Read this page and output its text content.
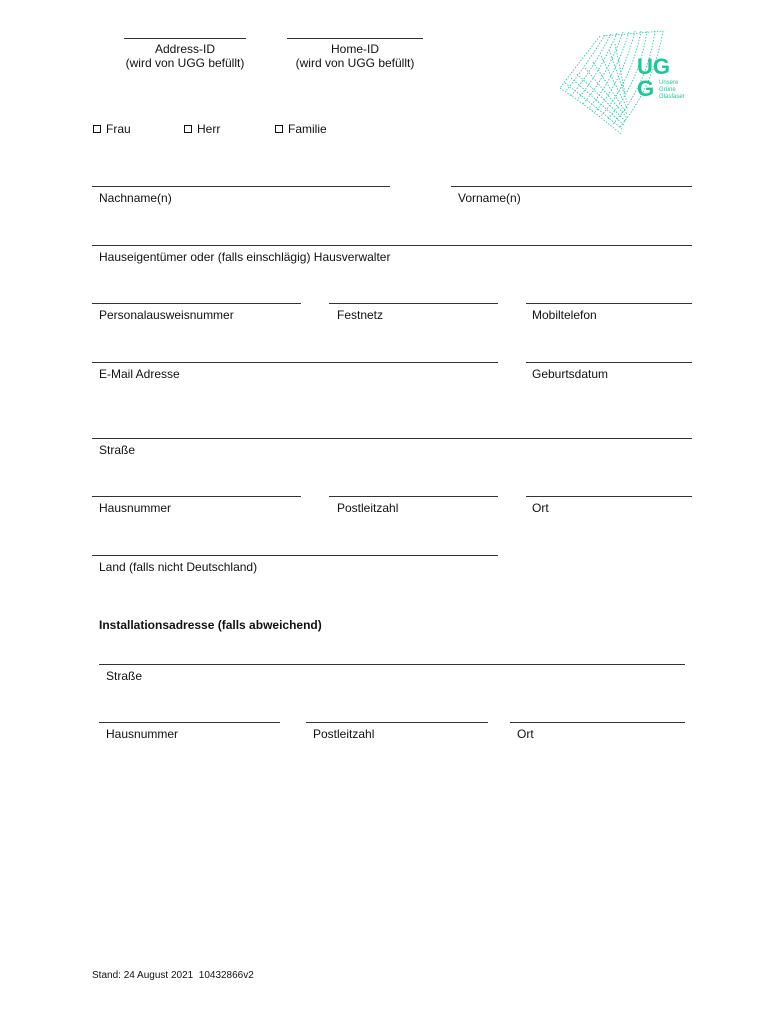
Address-ID
(wird von UGG befüllt)
Home-ID
(wird von UGG befüllt)	UGG Unsere
Grüne
Glasfaser
Frau	Herr	Familie
Nachname(n)	Vorname(n)
Hauseigentümer oder (falls einschlägig) Hausverwalter
Personalausweisnummer	Festnetz	Mobiltelefon
E-Mail Adresse	Geburtsdatum
Straße
Hausnummer	Postleitzahl	Ort
Land (falls nicht Deutschland)
Installationsadresse (falls abweichend)
Straße
Hausnummer	Postleitzahl	Ort
Stand: 24 August 2021  10432866v2
